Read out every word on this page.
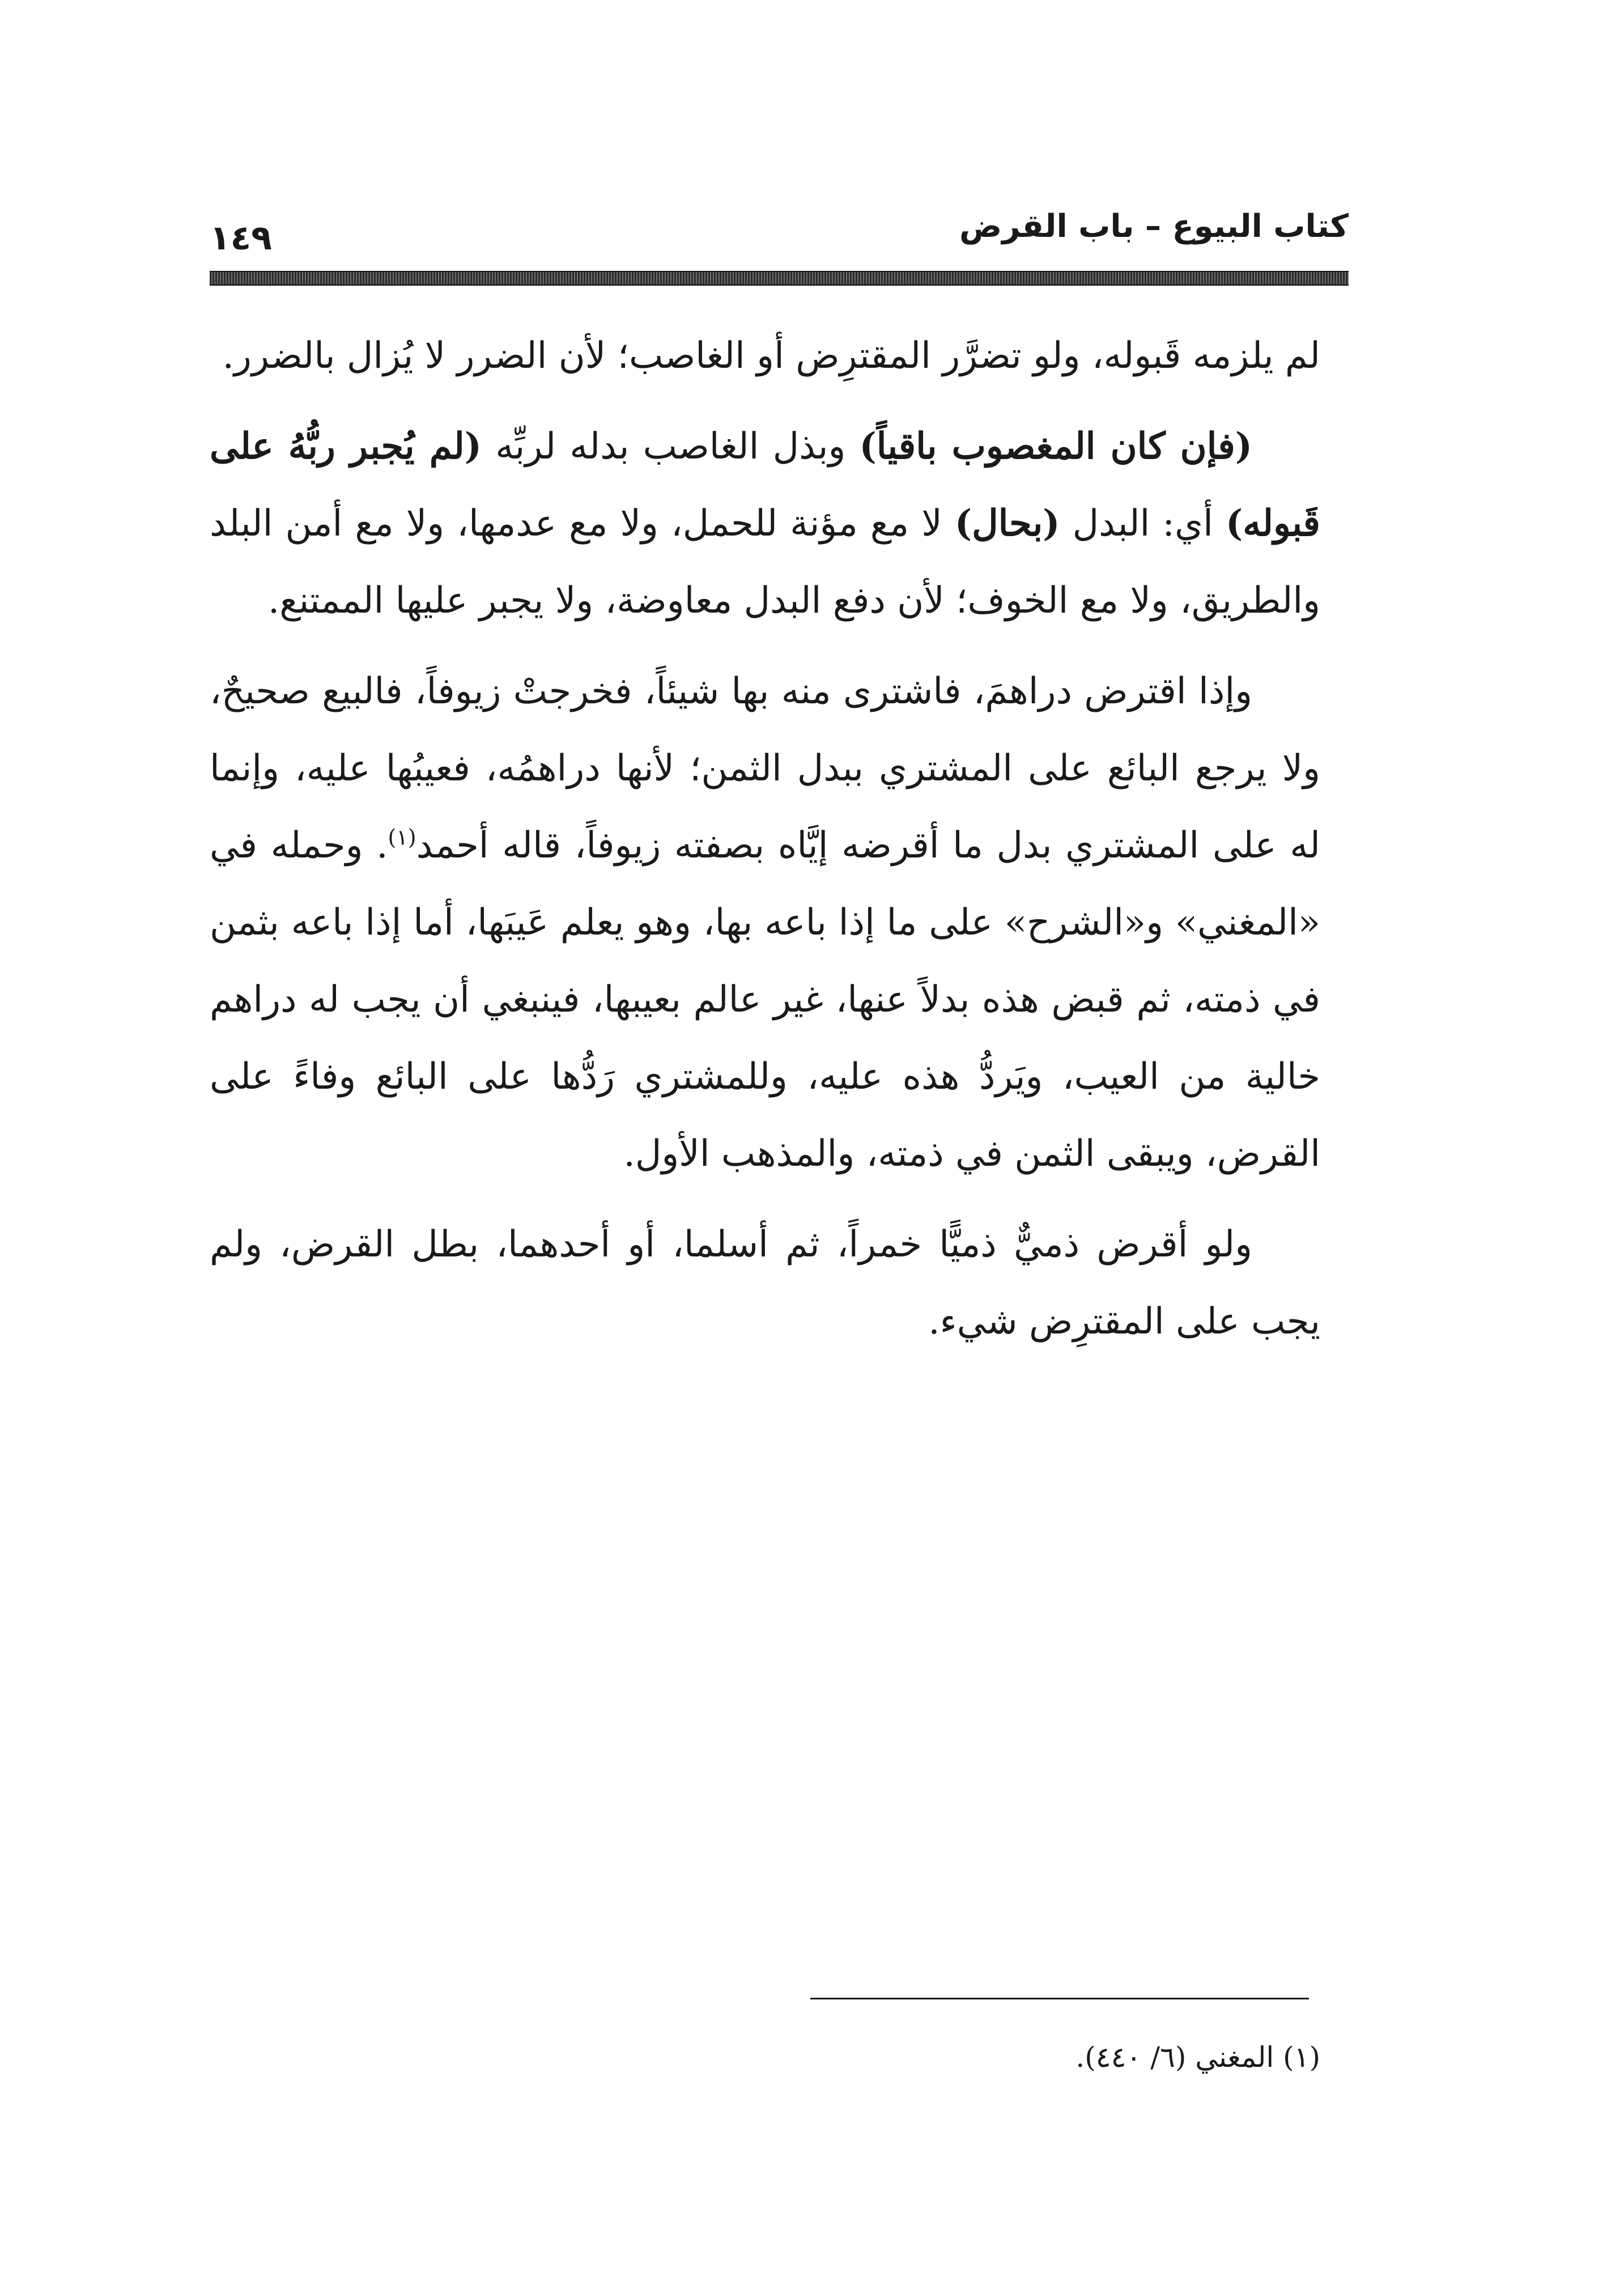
كتاب البيوع – باب القرض
١٤٩

لم يلزمه قَبوله، ولو تضرَّر المقترِض أو الغاصب؛ لأن الضرر لا يُزال بالضرر.

(فإن كان المغصوب باقياً) وبذل الغاصب بدله لربِّه (لم يُجبر ربُّهُ على قَبوله) أي: البدل (بحال) لا مع مؤنة للحمل، ولا مع عدمها، ولا مع أمن البلد والطريق، ولا مع الخوف؛ لأن دفع البدل معاوضة، ولا يجبر عليها الممتنع.

وإذا اقترض دراهمَ، فاشترى منه بها شيئاً، فخرجتْ زيوفاً، فالبيع صحيحٌ، ولا يرجع البائع على المشتري ببدل الثمن؛ لأنها دراهمُه، فعيبُها عليه، وإنما له على المشتري بدل ما أقرضه إيَّاه بصفته زيوفاً، قاله أحمد$^{(١)}$. وحمله في «المغني» و«الشرح» على ما إذا باعه بها، وهو يعلم عَيبَها، أما إذا باعه بثمن في ذمته، ثم قبض هذه بدلاً عنها، غير عالم بعيبها، فينبغي أن يجب له دراهم خالية من العيب، ويَردُّ هذه عليه، وللمشتري رَدُّها على البائع وفاءً على القرض، ويبقى الثمن في ذمته، والمذهب الأول.

ولو أقرض ذميٌّ ذميًّا خمراً، ثم أسلما، أو أحدهما، بطل القرض، ولم يجب على المقترِض شيء.

(١) المغني (٦/ ٤٤٠).
